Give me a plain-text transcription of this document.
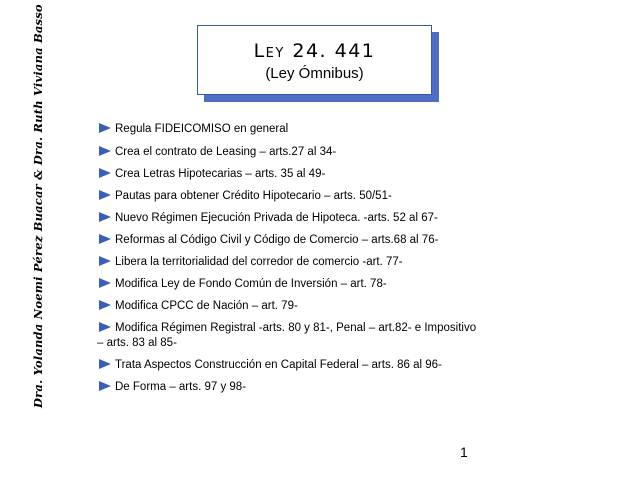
Dra. Yolanda Noemi Pérez Buacar & Dra. Ruth Viviana Basso	Ley 24. 441
(Ley Ómnibus)
Regula FIDEICOMISO en general
Crea el contrato de Leasing – arts.27 al 34-
Crea Letras Hipotecarias – arts. 35 al 49-
Pautas para obtener Crédito Hipotecario – arts. 50/51-
Nuevo Régimen Ejecución Privada de Hipoteca. -arts. 52 al 67-
Reformas al Código Civil y Código de Comercio – arts.68 al 76-
Libera la territorialidad del corredor de comercio -art. 77-
Modifica Ley de Fondo Común de Inversión – art. 78-
Modifica CPCC de Nación – art. 79-
Modifica Régimen Registral -arts. 80 y 81-, Penal – art.82- e Impositivo – arts. 83 al 85-
Trata Aspectos Construcción en Capital Federal – arts. 86 al 96-
De Forma – arts. 97 y 98-
1
